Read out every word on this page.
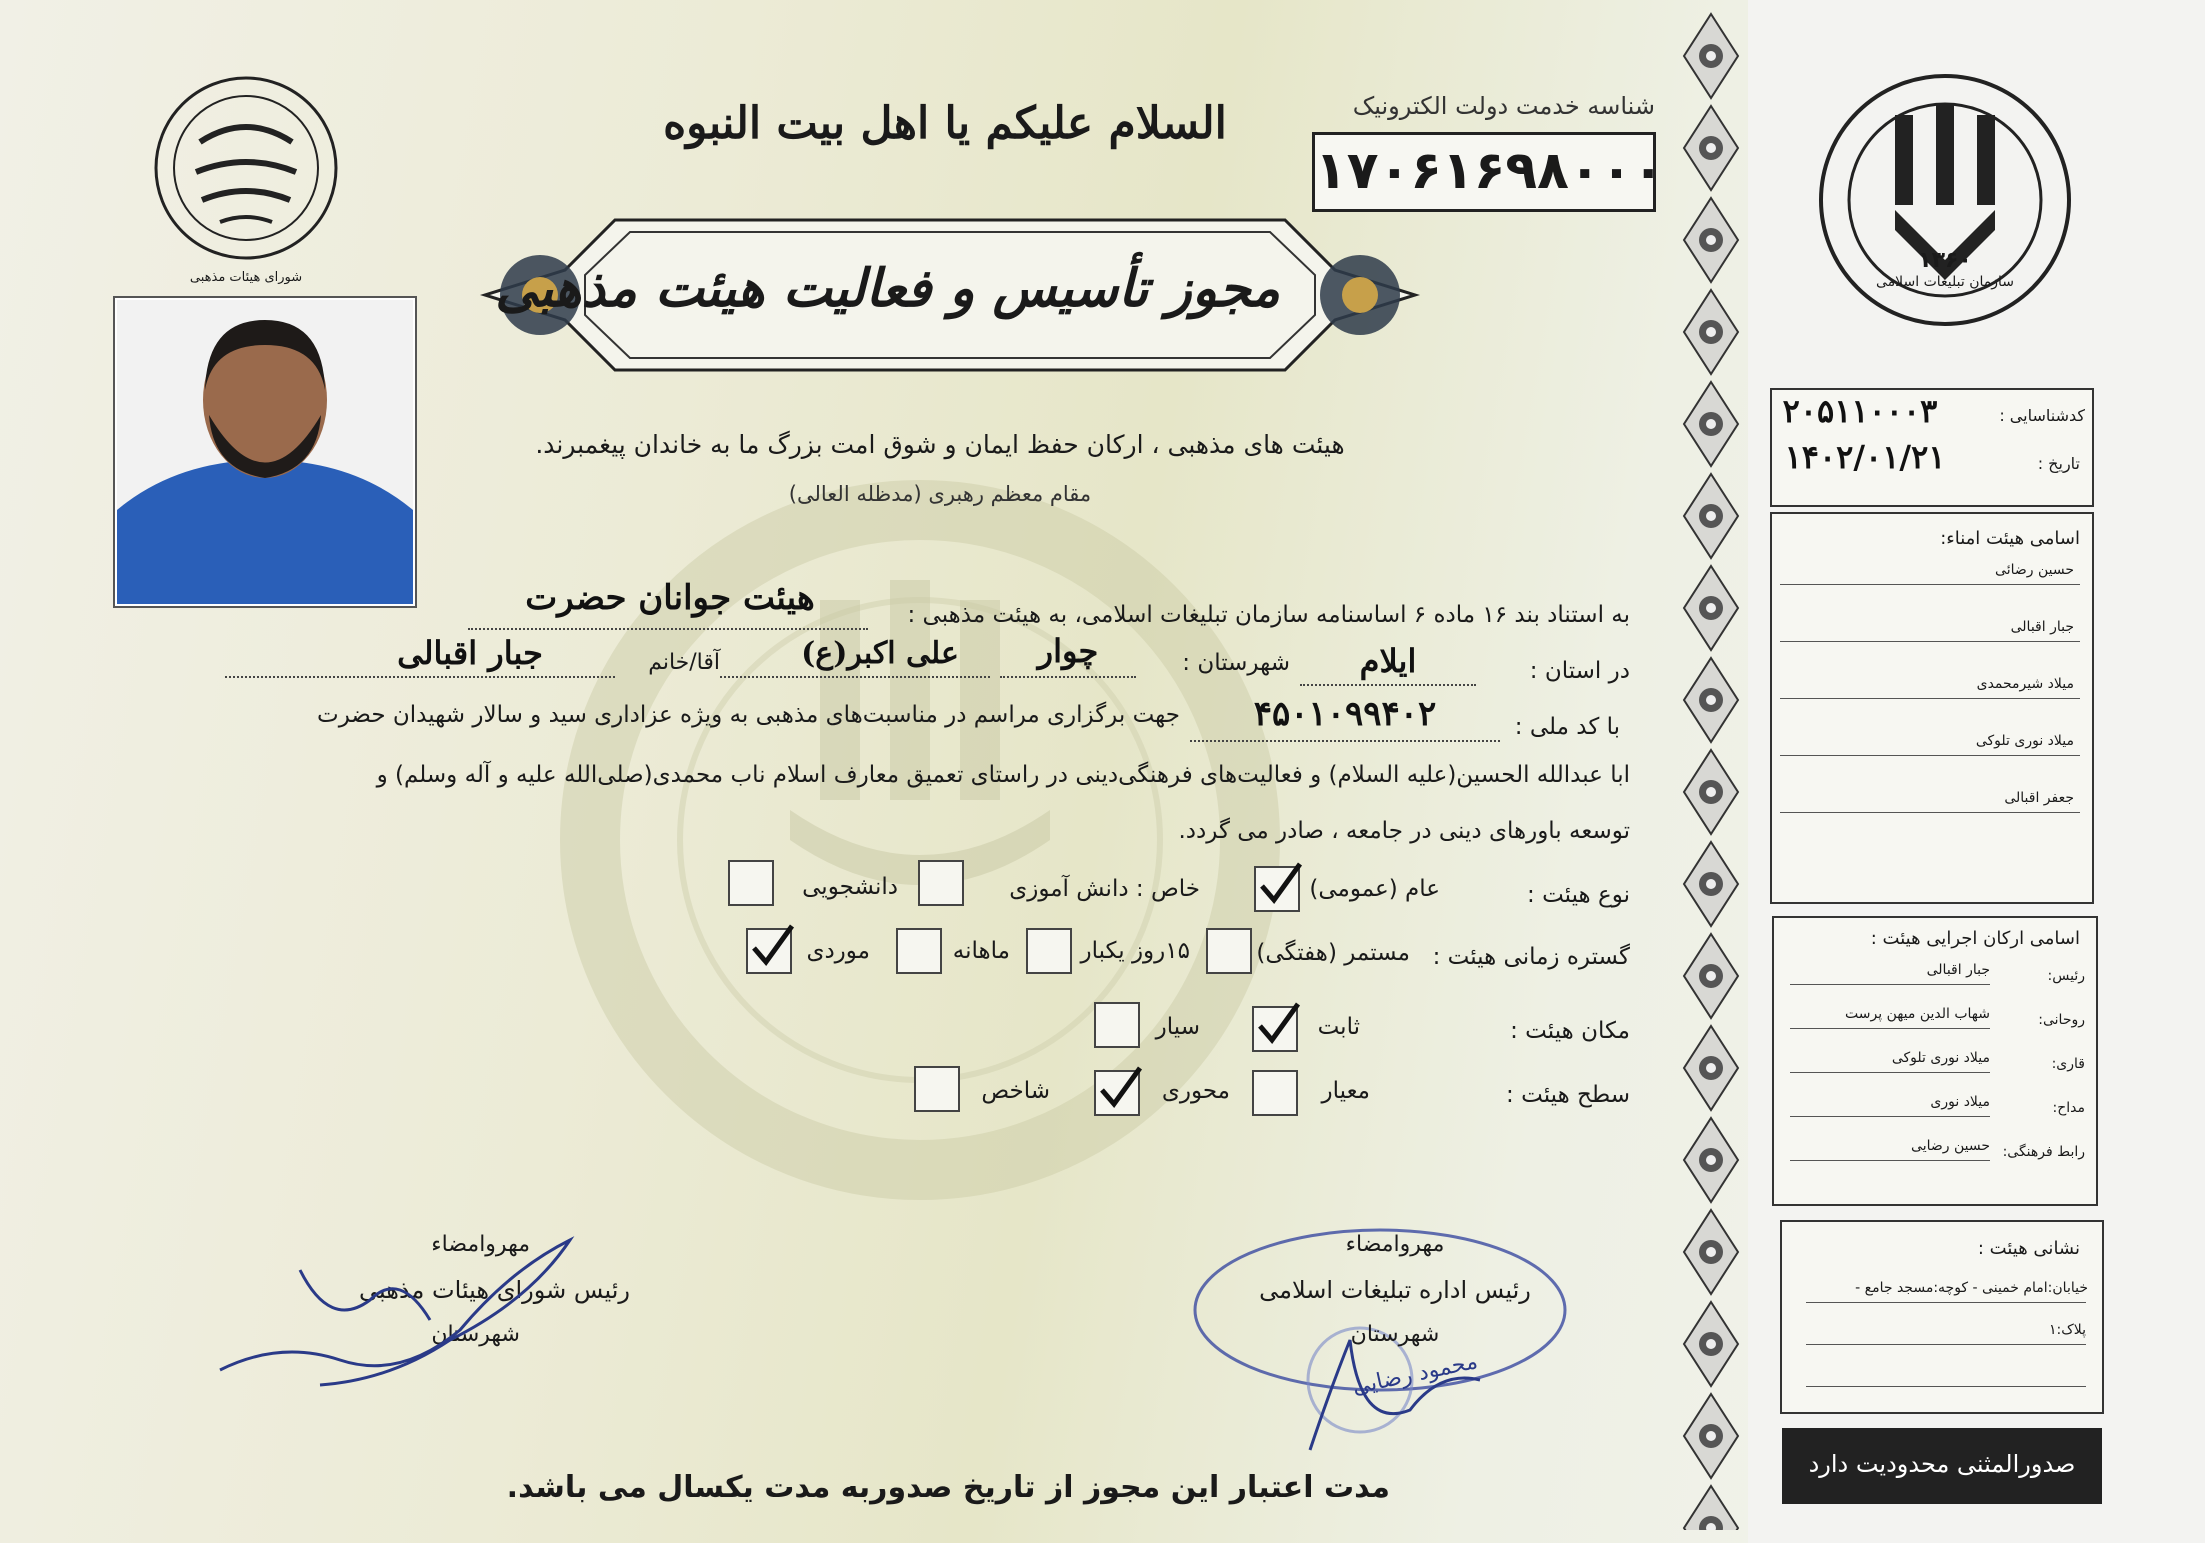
شورای هیئات مذهبی
السلام علیکم یا اهل بیت النبوه	شناسه خدمت دولت الکترونیک
۱۷۰۶۱۶۹۸۰۰۰
مجوز تأسیس و فعالیت هیئت مذهبی
هیئت های مذهبی ، ارکان حفظ ایمان و شوق امت بزرگ ما به خاندان پیغمبرند.
مقام معظم رهبری (مدظله العالی)
به استناد بند ۱۶ ماده ۶ اساسنامه سازمان تبلیغات اسلامی، به هیئت مذهبی :
هیئت جوانان حضرت
در استان :
ایلام
شهرستان :
چوار
علی اکبر(ع)
آقا/خانم
جبار اقبالی
با کد ملی :
۴۵۰۱۰۹۹۴۰۲
جهت برگزاری مراسم در مناسبت‌های مذهبی به ویژه عزاداری سید و سالار شهیدان حضرت
ابا عبدالله الحسین(علیه السلام) و فعالیت‌های فرهنگی‌دینی در راستای تعمیق معارف اسلام ناب محمدی(صلی‌الله علیه و آله وسلم) و
توسعه باورهای دینی در جامعه ، صادر می گردد.
نوع هیئت :
عام (عمومی)
خاص : دانش آموزی
دانشجویی
گستره زمانی هیئت :
مستمر (هفتگی)
۱۵روز یکبار
ماهانه
موردی
مکان هیئت :
ثابت
سیار
سطح هیئت :
معیار
محوری
شاخص
مهروامضاء
رئیس شورای هیئات مذهبی
شهرستان
مهروامضاء
رئیس اداره تبلیغات اسلامی
شهرستان
محمود رضایی
مدت اعتبار این مجوز از تاریخ صدوربه مدت یکسال می باشد.
۱۳۶۰
سازمان تبلیغات اسلامی
کدشناسایی :
۲۰۵۱۱۰۰۰۳
تاریخ :
۱۴۰۲/۰۱/۲۱
اسامی هیئت امناء:
حسین رضائی
جبار اقبالی
میلاد شیرمحمدی
میلاد نوری تلوکی
جعفر اقبالی
اسامی ارکان اجرایی هیئت :
رئیس:
جبار اقبالی
روحانی:
شهاب الدین میهن پرست
قاری:
میلاد نوری تلوکی
مداح:
میلاد نوری
رابط فرهنگی:
حسین رضایی
نشانی هیئت :
خیابان:امام خمینی - کوچه:مسجد جامع -
پلاک:۱
صدورالمثنی محدودیت دارد
